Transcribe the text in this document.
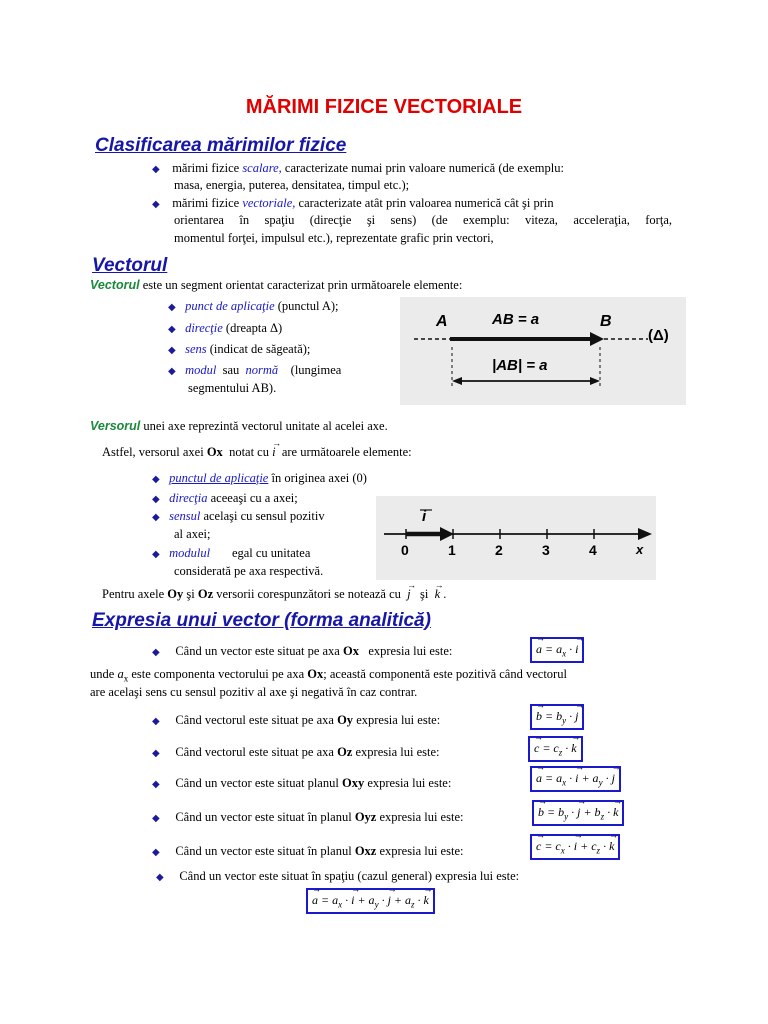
MĂRIMI FIZICE VECTORIALE
Clasificarea mărimilor fizice
◆ mărimi fizice scalare, caracterizate numai prin valoare numerică (de exemplu:
masa, energia, puterea, densitatea, timpul etc.);
◆ mărimi fizice vectoriale, caracterizate atât prin valoarea numerică cât şi prin
orientarea în spaţiu (direcţie şi sens) (de exemplu: viteza, acceleraţia, forţa,
momentul forţei, impulsul etc.), reprezentate grafic prin vectori,
Vectorul
Vectorul este un segment orientat caracterizat prin următoarele elemente:
◆ punct de aplicaţie (punctul A);
◆ direcţie (dreapta Δ)
◆ sens (indicat de săgeată);
◆ modul sau normă (lungimea
segmentului AB).
A	AB = a	B
(Δ)
|AB| = a
Versorul unei axe reprezintă vectorul unitate al acelei axe.
Astfel, versorul axei Ox notat cu → i are următoarele elemente:
◆ punctul de aplicaţie în originea axei (0)
◆ direcţia aceeaşi cu a axei;
◆ sensul acelaşi cu sensul pozitiv
al axei;
◆ modulul egal cu unitatea
considerată pe axa respectivă.
i
0	1	2	3	4	x
Pentru axele Oy şi Oz versorii corespunzători se notează cu → j şi → k .
Expresia unui vector (forma analitică)
◆ Când un vector este situat pe axa Ox expresia lui este:	→ $a = a_x$ · → i
unde $a_x$ este componenta vectorului pe axa Ox; această componentă este pozitivă când vectorul
are acelaşi sens cu sensul pozitiv al axe şi negativă în caz contrar.
◆ Când vectorul este situat pe axa Oy expresia lui este:	→ $b = b_y$ · → j
◆ Când vectorul este situat pe axa Oz expresia lui este:	→ $c = c_z$ · → k
◆ Când un vector este situat planul Oxy expresia lui este:	→ $a = a_x$ · → $i + a_y$ · → j
◆ Când un vector este situat în planul Oyz expresia lui este:	→ $b = b_y$ · → $j + b_z$ · → k
◆ Când un vector este situat în planul Oxz expresia lui este:	→ $c = c_x$ · → $i + c_z$ · → k
◆ Când un vector este situat în spaţiu (cazul general) expresia lui este:
→ $a = a_x$ · → $i + a_y$ · → $j + a_z$ · → k
